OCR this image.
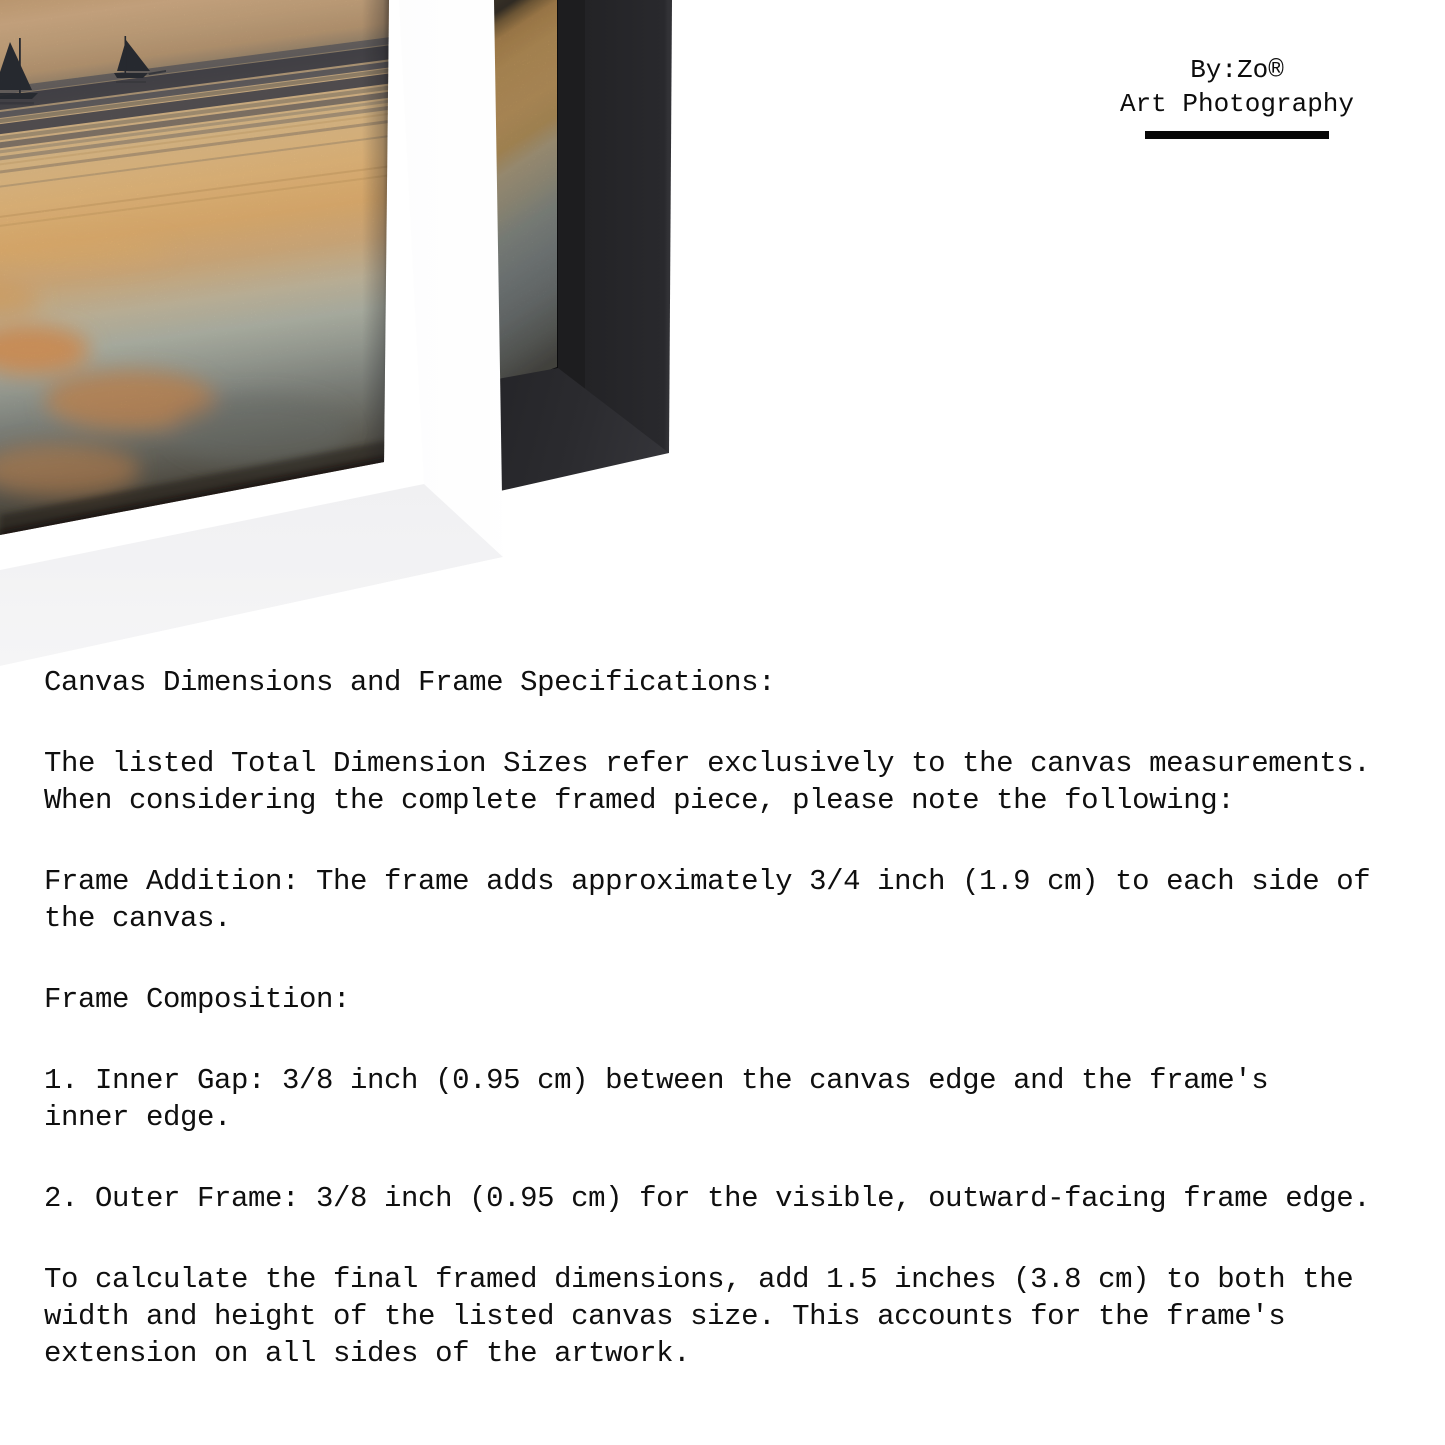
By:Zo®
Art Photography

Canvas Dimensions and Frame Specifications:

The listed Total Dimension Sizes refer exclusively to the canvas measurements.
When considering the complete framed piece, please note the following:

Frame Addition: The frame adds approximately 3/4 inch (1.9 cm) to each side of
the canvas.

Frame Composition:

1. Inner Gap: 3/8 inch (0.95 cm) between the canvas edge and the frame's
inner edge.

2. Outer Frame: 3/8 inch (0.95 cm) for the visible, outward-facing frame edge.

To calculate the final framed dimensions, add 1.5 inches (3.8 cm) to both the
width and height of the listed canvas size. This accounts for the frame's
extension on all sides of the artwork.
